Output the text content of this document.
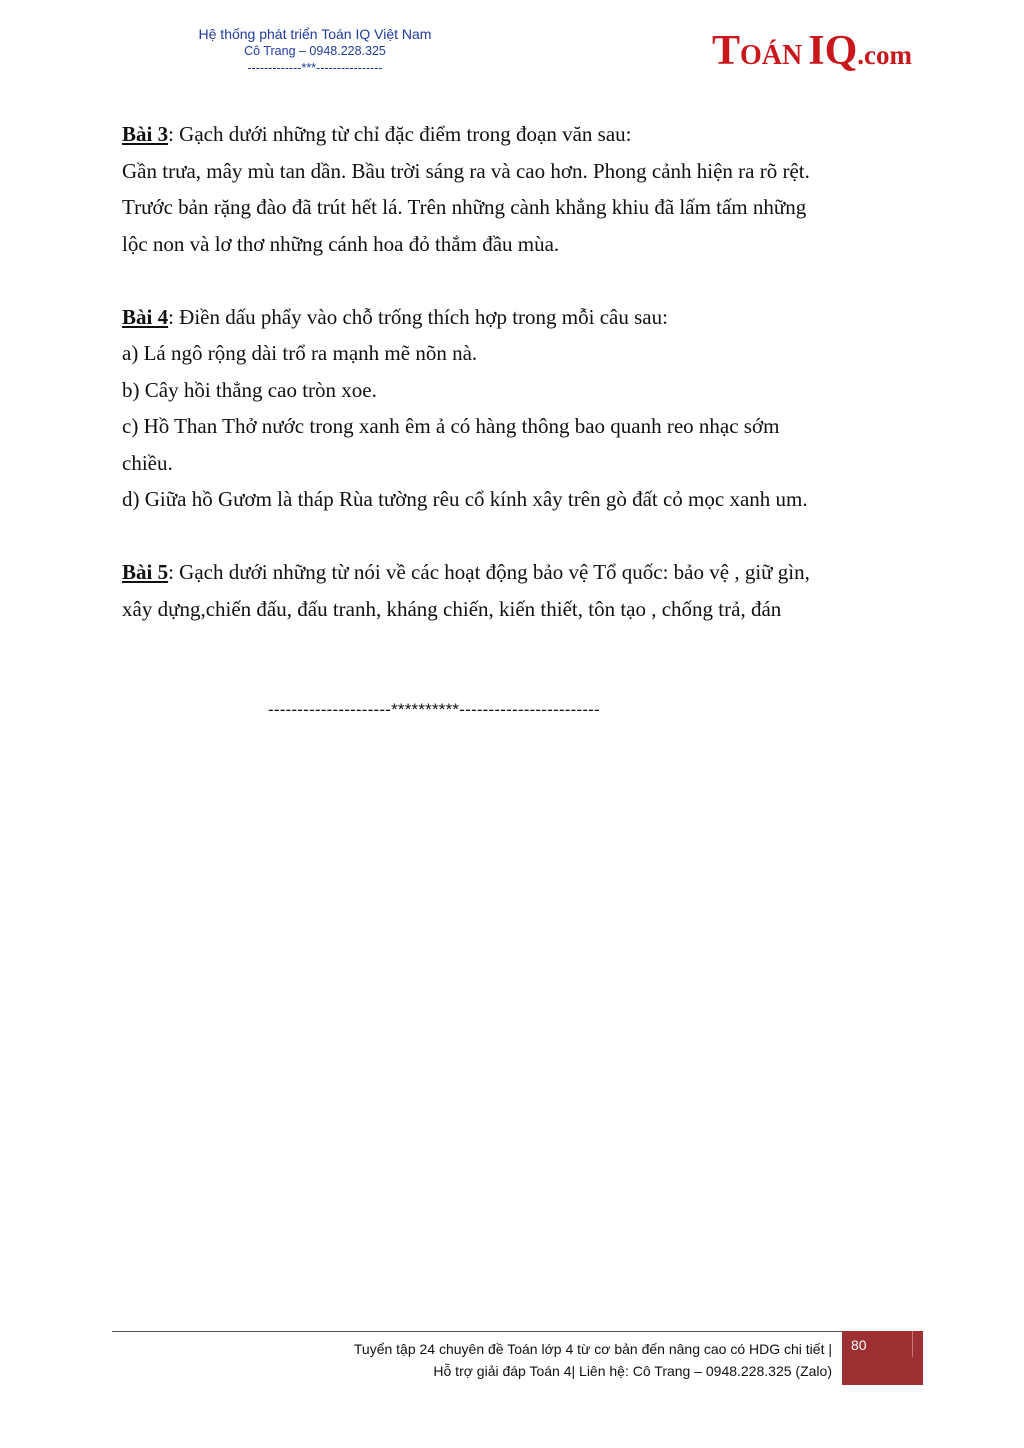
Hệ thống phát triển Toán IQ Việt Nam
Cô Trang – 0948.228.325
-------------***----------------	TOÁN IQ.com

Bài 3: Gạch dưới những từ chỉ đặc điểm trong đoạn văn sau:

Gần trưa, mây mù tan dần. Bầu trời sáng ra và cao hơn. Phong cảnh hiện ra rõ rệt.

Trước bản rặng đào đã trút hết lá. Trên những cành khẳng khiu đã lấm tấm những

lộc non và lơ thơ những cánh hoa đỏ thắm đầu mùa.

Bài 4: Điền dấu phẩy vào chỗ trống thích hợp trong mỗi câu sau:

a) Lá ngô rộng dài trổ ra mạnh mẽ nõn nà.

b) Cây hồi thẳng cao tròn xoe.

c) Hồ Than Thở nước trong xanh êm ả có hàng thông bao quanh reo nhạc sớm

chiều.

d) Giữa hồ Gươm là tháp Rùa tường rêu cổ kính xây trên gò đất cỏ mọc xanh um.

Bài 5: Gạch dưới những từ nói về các hoạt động bảo vệ Tổ quốc: bảo vệ , giữ gìn,

xây dựng,chiến đấu, đấu tranh, kháng chiến, kiến thiết, tôn tạo , chống trả, đán

---------------------**********------------------------

Tuyển tập 24 chuyên đề Toán lớp 4 từ cơ bản đến nâng cao có HDG chi tiết |

Hỗ trợ giải đáp Toán 4| Liên hệ: Cô Trang – 0948.228.325 (Zalo)

80
